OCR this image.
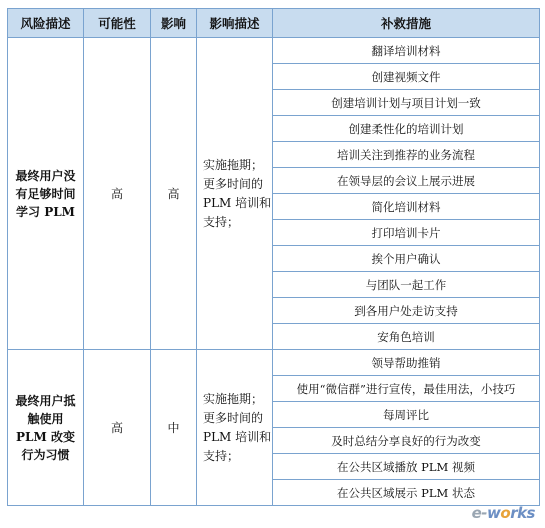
风险描述	可能性	影响	影响描述	补救措施
最终用户没有足够时间学习 PLM	高	高	实施拖期；更多时间的 PLM 培训和支持；	翻译培训材料
				创建视频文件
				创建培训计划与项目计划一致
				创建柔性化的培训计划
				培训关注到推荐的业务流程
				在领导层的会议上展示进展
				简化培训材料
				打印培训卡片
				挨个用户确认
				与团队一起工作
				到各用户处走访支持
				安角色培训
最终用户抵触使用 PLM 改变行为习惯	高	中	实施拖期；更多时间的 PLM 培训和支持；	领导帮助推销
				使用“微信群”进行宣传，最佳用法，小技巧
				每周评比
				及时总结分享良好的行为改变
				在公共区域播放 PLM 视频
				在公共区域展示 PLM 状态
e-works
